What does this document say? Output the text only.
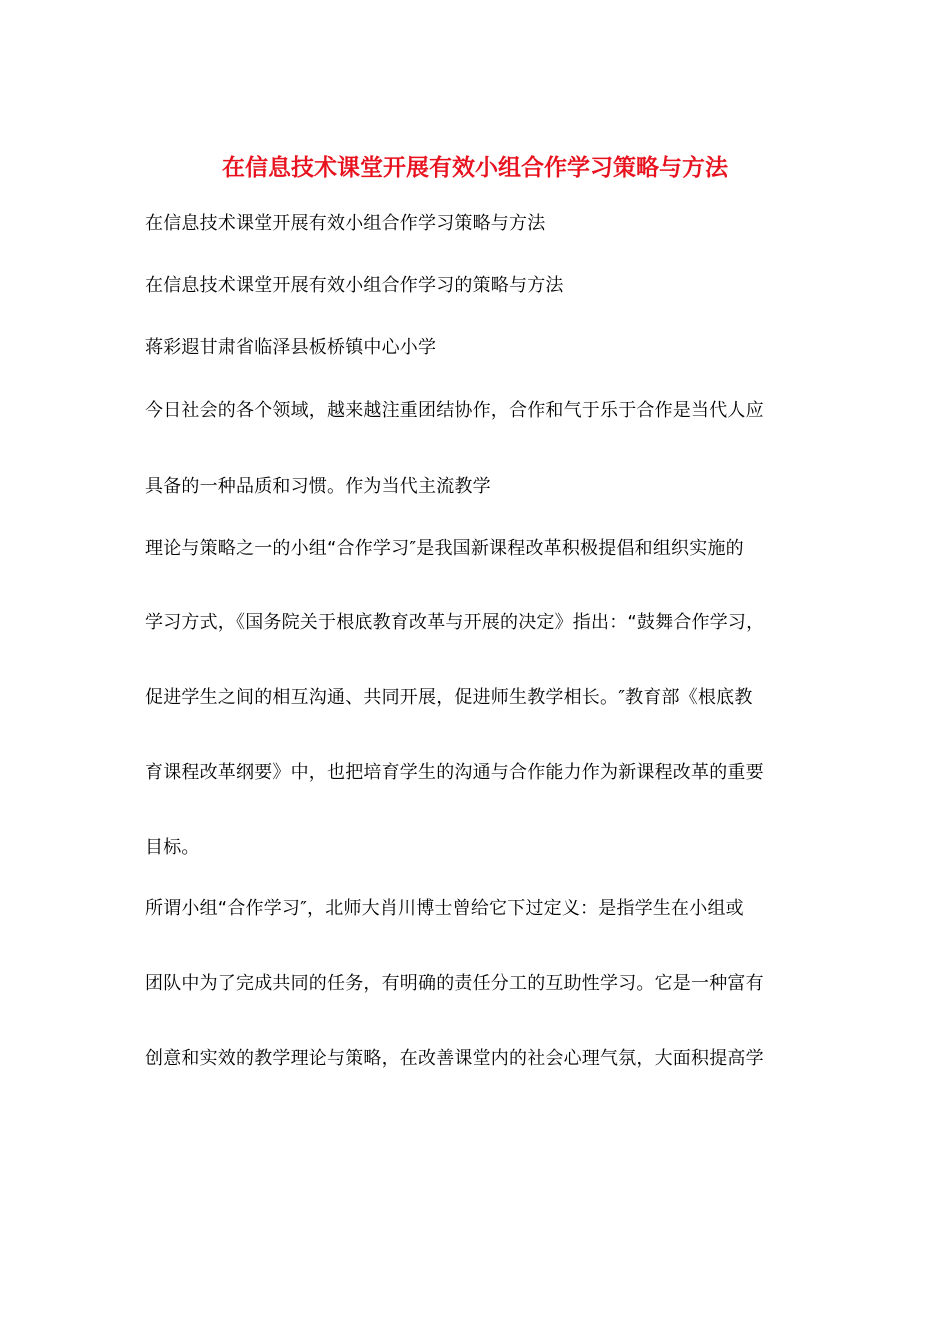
在信息技术课堂开展有效小组合作学习策略与方法
在信息技术课堂开展有效小组合作学习策略与方法
在信息技术课堂开展有效小组合作学习的策略与方法
蒋彩遐甘肃省临泽县板桥镇中心小学
今日社会的各个领域，越来越注重团结协作，合作和气于乐于合作是当代人应
具备的一种品质和习惯。作为当代主流教学
理论与策略之一的小组“合作学习″是我国新课程改革积极提倡和组织实施的
学习方式，《国务院关于根底教育改革与开展的决定》指出：“鼓舞合作学习，
促进学生之间的相互沟通、共同开展，促进师生教学相长。″教育部《根底教
育课程改革纲要》中，也把培育学生的沟通与合作能力作为新课程改革的重要
目标。
所谓小组“合作学习″，北师大肖川博士曾给它下过定义：是指学生在小组或
团队中为了完成共同的任务，有明确的责任分工的互助性学习。它是一种富有
创意和实效的教学理论与策略，在改善课堂内的社会心理气氛，大面积提高学
